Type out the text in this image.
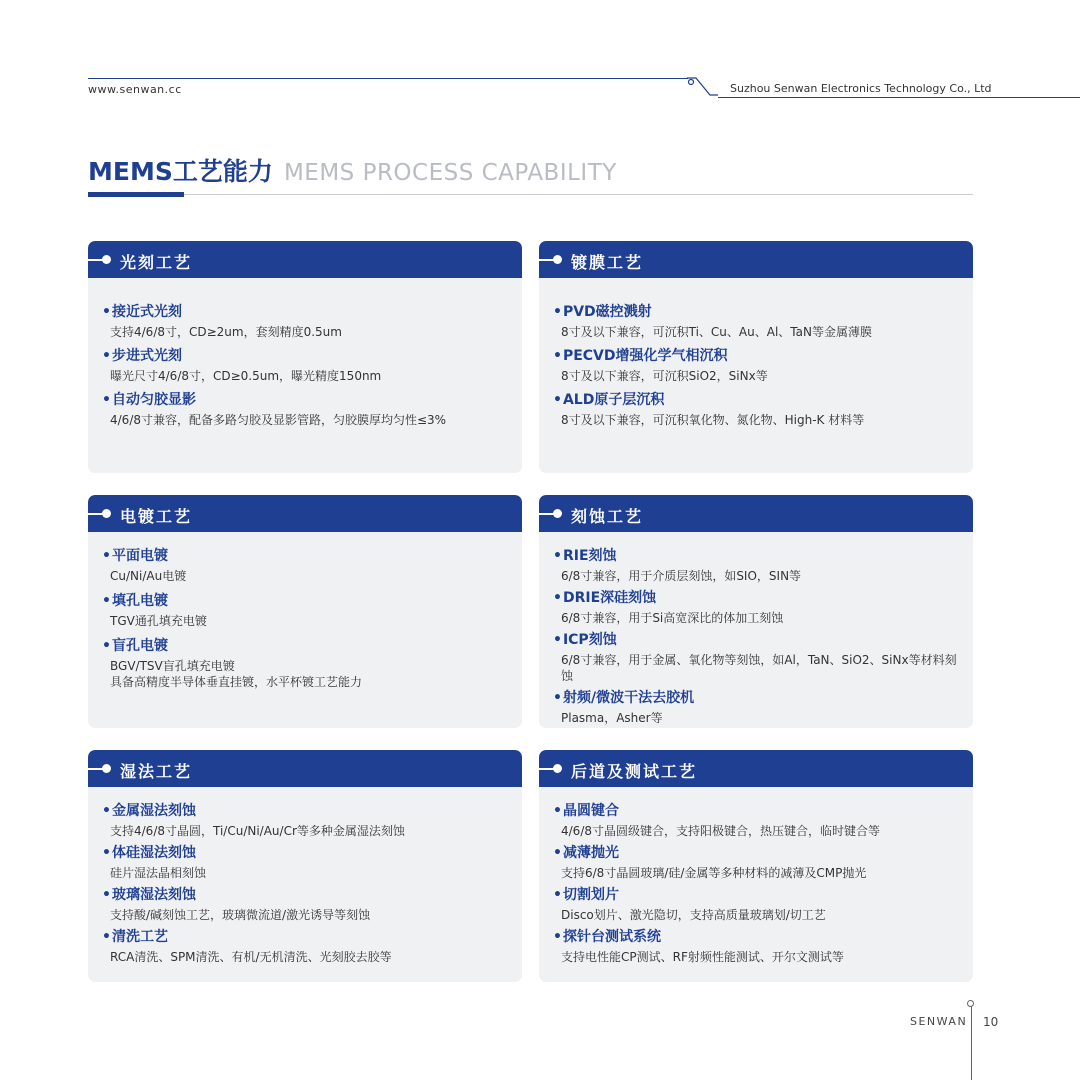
www.senwan.cc	Suzhou Senwan Electronics Technology Co., Ltd
MEMS工艺能力 MEMS PROCESS CAPABILITY
光刻工艺
•接近式光刻
支持4/6/8寸，CD≥2um，套刻精度0.5um
•步进式光刻
曝光尺寸4/6/8寸，CD≥0.5um，曝光精度150nm
•自动匀胶显影
4/6/8寸兼容，配备多路匀胶及显影管路，匀胶膜厚均匀性≤3%
镀膜工艺
•PVD磁控溅射
8寸及以下兼容，可沉积Ti、Cu、Au、Al、TaN等金属薄膜
•PECVD增强化学气相沉积
8寸及以下兼容，可沉积SiO2，SiNx等
•ALD原子层沉积
8寸及以下兼容，可沉积氧化物、氮化物、High-K 材料等
电镀工艺
•平面电镀
Cu/Ni/Au电镀
•填孔电镀
TGV通孔填充电镀
•盲孔电镀
BGV/TSV盲孔填充电镀
具备高精度半导体垂直挂镀，水平杯镀工艺能力
刻蚀工艺
•RIE刻蚀
6/8寸兼容，用于介质层刻蚀，如SIO，SIN等
•DRIE深硅刻蚀
6/8寸兼容，用于Si高宽深比的体加工刻蚀
•ICP刻蚀
6/8寸兼容，用于金属、氧化物等刻蚀，如Al，TaN、SiO2、SiNx等材料刻蚀
•射频/微波干法去胶机
Plasma，Asher等
湿法工艺
•金属湿法刻蚀
支持4/6/8寸晶圆，Ti/Cu/Ni/Au/Cr等多种金属湿法刻蚀
•体硅湿法刻蚀
硅片湿法晶相刻蚀
•玻璃湿法刻蚀
支持酸/碱刻蚀工艺，玻璃微流道/激光诱导等刻蚀
•清洗工艺
RCA清洗、SPM清洗、有机/无机清洗、光刻胶去胶等
后道及测试工艺
•晶圆键合
4/6/8寸晶圆级键合，支持阳极键合，热压键合，临时键合等
•减薄抛光
支持6/8寸晶圆玻璃/硅/金属等多种材料的减薄及CMP抛光
•切割划片
Disco划片、激光隐切，支持高质量玻璃划/切工艺
•探针台测试系统
支持电性能CP测试、RF射频性能测试、开尔文测试等
SENWAN 10
